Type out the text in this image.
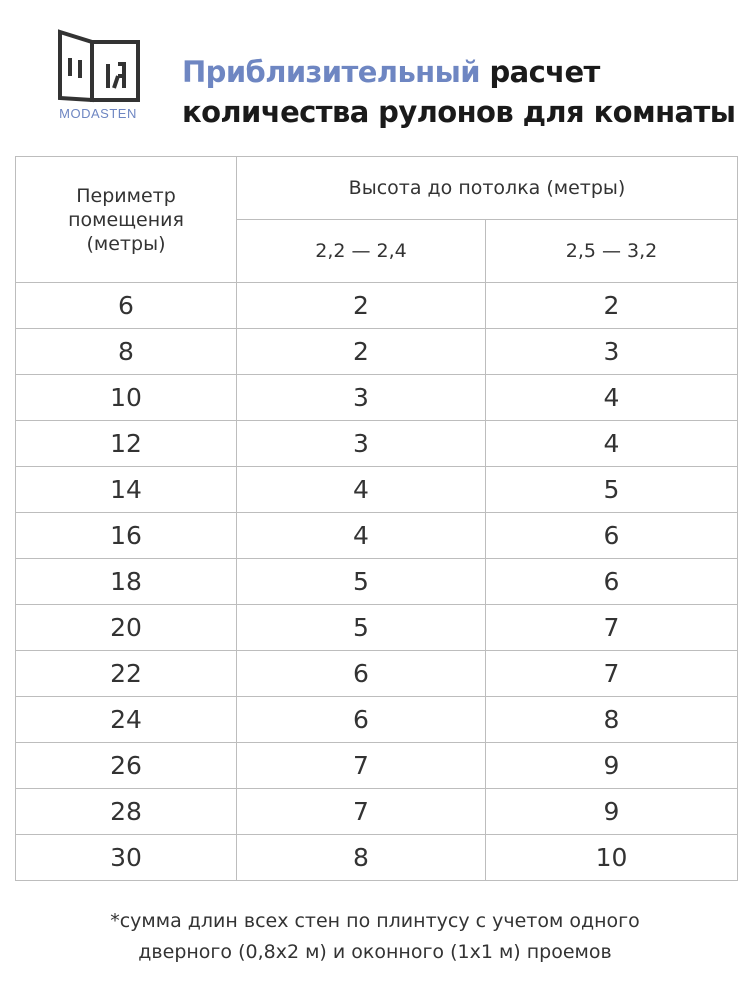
MODASTEN
Приблизительный расчет
количества рулонов для комнаты
Периметр помещения (метры)	Высота до потолка (метры)	
	2,2 — 2,4	2,5 — 3,2
6	2	2
8	2	3
10	3	4
12	3	4
14	4	5
16	4	6
18	5	6
20	5	7
22	6	7
24	6	8
26	7	9
28	7	9
30	8	10
*сумма длин всех стен по плинтусу с учетом одного
дверного (0,8х2 м) и оконного (1х1 м) проемов
